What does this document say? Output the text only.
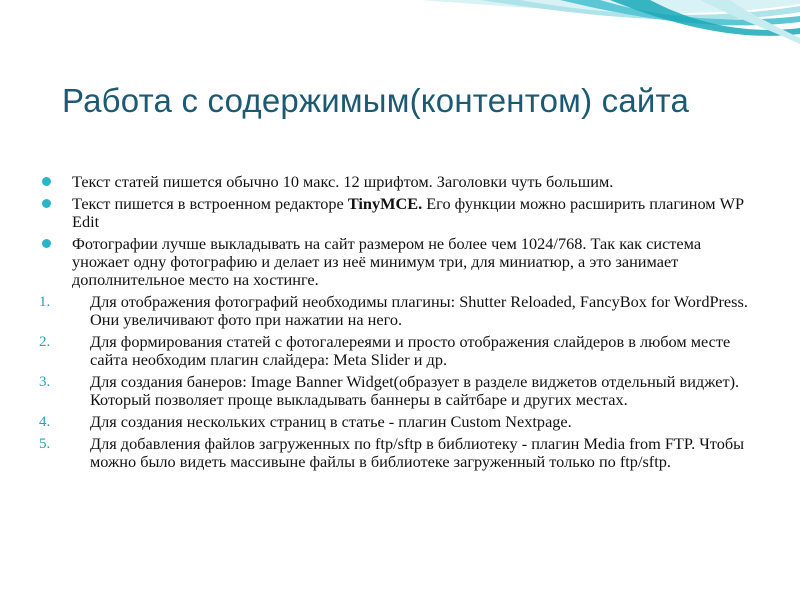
Работа с содержимым(контентом) сайта
Текст статей пишется обычно 10 макс. 12 шрифтом. Заголовки чуть большим.
Текст пишется в встроенном редакторе TinyMCE. Его функции можно расширить плагином WP Edit
Фотографии лучше выкладывать на сайт размером не более чем 1024/768. Так как система уножает одну фотографию и делает из неё минимум три, для миниатюр, а это занимает дополнительное место на хостинге.
1.	Для отображения фотографий необходимы плагины: Shutter Reloaded, FancyBox for WordPress. Они увеличивают фото при нажатии на него.
2.	Для формирования статей с фотогалереями и просто отображения слайдеров в любом месте сайта необходим плагин слайдера: Meta Slider и др.
3.	Для создания банеров: Image Banner Widget(образует в разделе виджетов отдельный виджет). Который позволяет проще выкладывать баннеры в сайтбаре и других местах.
4.	Для создания нескольких страниц в статье - плагин Custom Nextpage.
5.	Для добавления файлов загруженных по ftp/sftp в библиотеку - плагин Media from FTP. Чтобы можно было видеть массивыне файлы в библиотеке загруженный только по ftp/sftp.
